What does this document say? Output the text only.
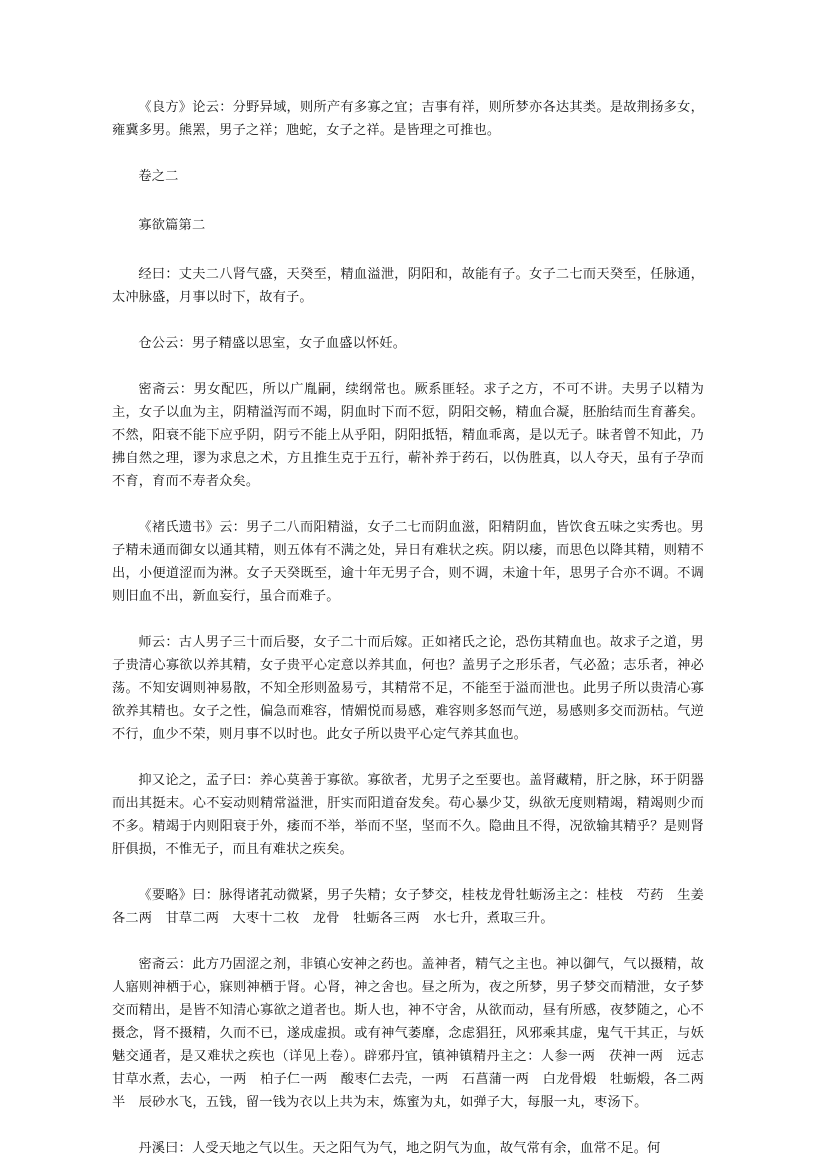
《良方》论云：分野异域，则所产有多寡之宜；吉事有祥，则所梦亦各达其类。是故荆扬多女，雍冀多男。熊罴，男子之祥；虺蛇，女子之祥。是皆理之可推也。

卷之二

寡欲篇第二

经曰：丈夫二八肾气盛，天癸至，精血溢泄，阴阳和，故能有子。女子二七而天癸至，任脉通，太冲脉盛，月事以时下，故有子。

仓公云：男子精盛以思室，女子血盛以怀妊。

密斋云：男女配匹，所以广胤嗣，续纲常也。厥系匪轻。求子之方，不可不讲。夫男子以精为主，女子以血为主，阴精溢泻而不竭，阴血时下而不愆，阴阳交畅，精血合凝，胚胎结而生育蕃矣。不然，阳衰不能下应乎阴，阴亏不能上从乎阳，阴阳抵牾，精血乖离，是以无子。昧者曾不知此，乃拂自然之理，谬为求息之术，方且推生克于五行，蕲补养于药石，以伪胜真，以人夺天，虽有子孕而不育，育而不寿者众矣。

《褚氏遗书》云：男子二八而阳精溢，女子二七而阴血滋，阳精阴血，皆饮食五味之实秀也。男子精未通而御女以通其精，则五体有不满之处，异日有难状之疾。阴以痿，而思色以降其精，则精不出，小便道涩而为淋。女子天癸既至，逾十年无男子合，则不调，未逾十年，思男子合亦不调。不调则旧血不出，新血妄行，虽合而难子。

师云：古人男子三十而后娶，女子二十而后嫁。正如褚氏之论，恐伤其精血也。故求子之道，男子贵清心寡欲以养其精，女子贵平心定意以养其血，何也？盖男子之形乐者，气必盈；志乐者，神必荡。不知安调则神易散，不知全形则盈易亏，其精常不足，不能至于溢而泄也。此男子所以贵清心寡欲养其精也。女子之性，偏急而难容，情媚悦而易感，难容则多怒而气逆，易感则多交而沥枯。气逆不行，血少不荣，则月事不以时也。此女子所以贵平心定气养其血也。

抑又论之，孟子曰：养心莫善于寡欲。寡欲者，尤男子之至要也。盖肾藏精，肝之脉，环于阴器而出其挺末。心不妄动则精常溢泄，肝实而阳道奋发矣。苟心暴少艾，纵欲无度则精竭，精竭则少而不多。精竭于内则阳衰于外，痿而不举，举而不坚，坚而不久。隐曲且不得，况欲输其精乎？是则肾肝俱损，不惟无子，而且有难状之疾矣。

《要略》曰：脉得诸芤动微紧，男子失精；女子梦交，桂枝龙骨牡蛎汤主之：桂枝　芍药　生姜各二两　甘草二两　大枣十二枚　龙骨　牡蛎各三两　水七升，煮取三升。

密斋云：此方乃固涩之剂，非镇心安神之药也。盖神者，精气之主也。神以御气，气以摄精，故人寤则神栖于心，寐则神栖于肾。心肾，神之舍也。昼之所为，夜之所梦，男子梦交而精泄，女子梦交而精出，是皆不知清心寡欲之道者也。斯人也，神不守舍，从欲而动，昼有所感，夜梦随之，心不摄念，肾不摄精，久而不已，遂成虚损。或有神气萎靡，念虑猖狂，风邪乘其虚，鬼气干其正，与妖魅交通者，是又难状之疾也（详见上卷）。辟邪丹宜，镇神镇精丹主之：人参一两　茯神一两　远志甘草水煮，去心，一两　柏子仁一两　酸枣仁去壳，一两　石菖蒲一两　白龙骨煅　牡蛎煅，各二两半　辰砂水飞，五钱，留一钱为衣以上共为末，炼蜜为丸，如弹子大，每服一丸，枣汤下。

丹溪曰：人受天地之气以生。天之阳气为气，地之阴气为血，故气常有余，血常不足。何
